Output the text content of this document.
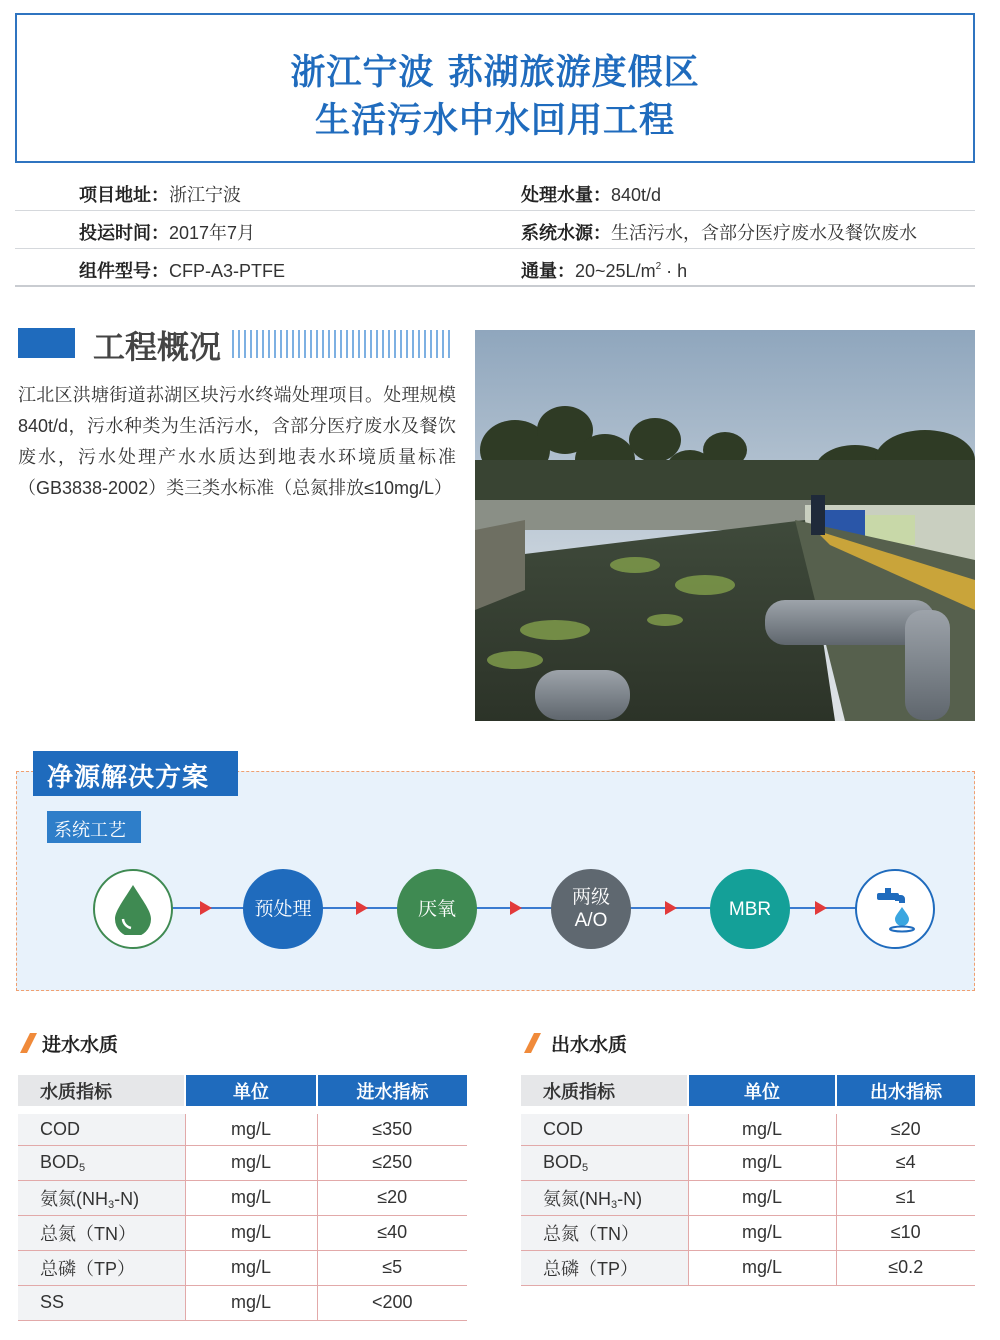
浙江宁波 荪湖旅游度假区
生活污水中水回用工程
项目地址：浙江宁波	处理水量：840t/d
投运时间：2017年7月	系统水源：生活污水，含部分医疗废水及餐饮废水
组件型号：CFP-A3-PTFE	通量：$20\sim 25L/m^2 \cdot h$
工程概况
江北区洪塘街道荪湖区块污水终端处理项目。处理规模840t/d，污水种类为生活污水，含部分医疗废水及餐饮废水，污水处理产水水质达到地表水环境质量标准（GB3838-2002）类三类水标准（总氮排放≤10mg/L）
净源解决方案
系统工艺
预处理	厌氧
两级
A/O
MBR
进水水质
水质指标	单位	进水指标
COD	mg/L	≤350
$BOD_5$	mg/L	≤250
氨氮$(NH_3-N)$	mg/L	≤20
总氮（TN）	mg/L	≤40
总磷（TP）	mg/L	≤5
SS	mg/L	<200
出水水质
水质指标	单位	出水指标
COD	mg/L	≤20
$BOD_5$	mg/L	≤4
氨氮$(NH_3-N)$	mg/L	≤1
总氮（TN）	mg/L	≤10
总磷（TP）	mg/L	≤0.2
